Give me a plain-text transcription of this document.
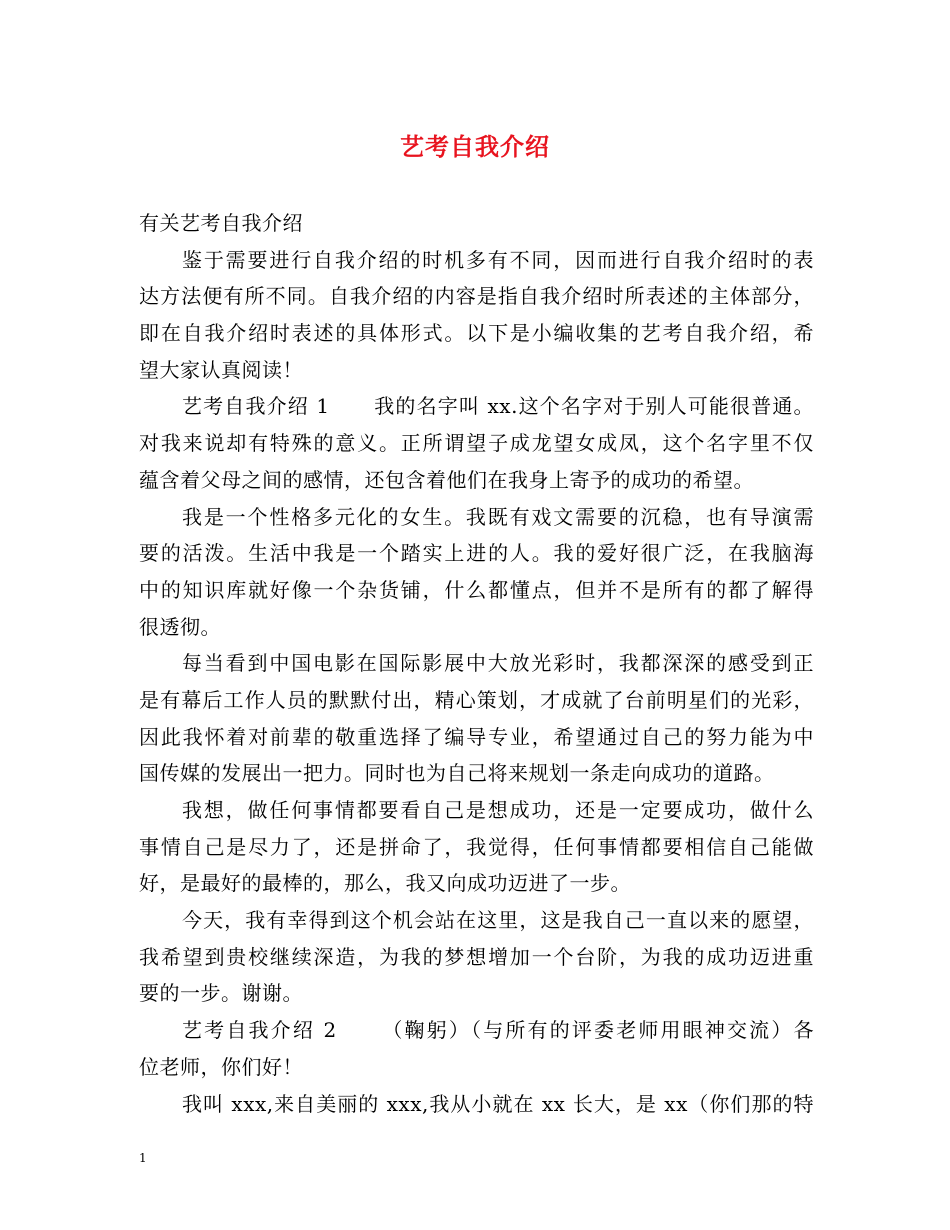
艺考自我介绍
有关艺考自我介绍
鉴于需要进行自我介绍的时机多有不同，因而进行自我介绍时的表
达方法便有所不同。自我介绍的内容是指自我介绍时所表述的主体部分，
即在自我介绍时表述的具体形式。以下是小编收集的艺考自我介绍，希
望大家认真阅读！
艺考自我介绍 1 我的名字叫 xx.这个名字对于别人可能很普通。
对我来说却有特殊的意义。正所谓望子成龙望女成凤，这个名字里不仅
蕴含着父母之间的感情，还包含着他们在我身上寄予的成功的希望。
我是一个性格多元化的女生。我既有戏文需要的沉稳，也有导演需
要的活泼。生活中我是一个踏实上进的人。我的爱好很广泛，在我脑海
中的知识库就好像一个杂货铺，什么都懂点，但并不是所有的都了解得
很透彻。
每当看到中国电影在国际影展中大放光彩时，我都深深的感受到正
是有幕后工作人员的默默付出，精心策划，才成就了台前明星们的光彩，
因此我怀着对前辈的敬重选择了编导专业，希望通过自己的努力能为中
国传媒的发展出一把力。同时也为自己将来规划一条走向成功的道路。
我想，做任何事情都要看自己是想成功，还是一定要成功，做什么
事情自己是尽力了，还是拼命了，我觉得，任何事情都要相信自己能做
好，是最好的最棒的，那么，我又向成功迈进了一步。
今天，我有幸得到这个机会站在这里，这是我自己一直以来的愿望，
我希望到贵校继续深造，为我的梦想增加一个台阶，为我的成功迈进重
要的一步。谢谢。
艺考自我介绍 2 （鞠躬）（与所有的评委老师用眼神交流）各
位老师，你们好！
我叫 xxx,来自美丽的 xxx,我从小就在 xx 长大，是 xx（你们那的特
1
